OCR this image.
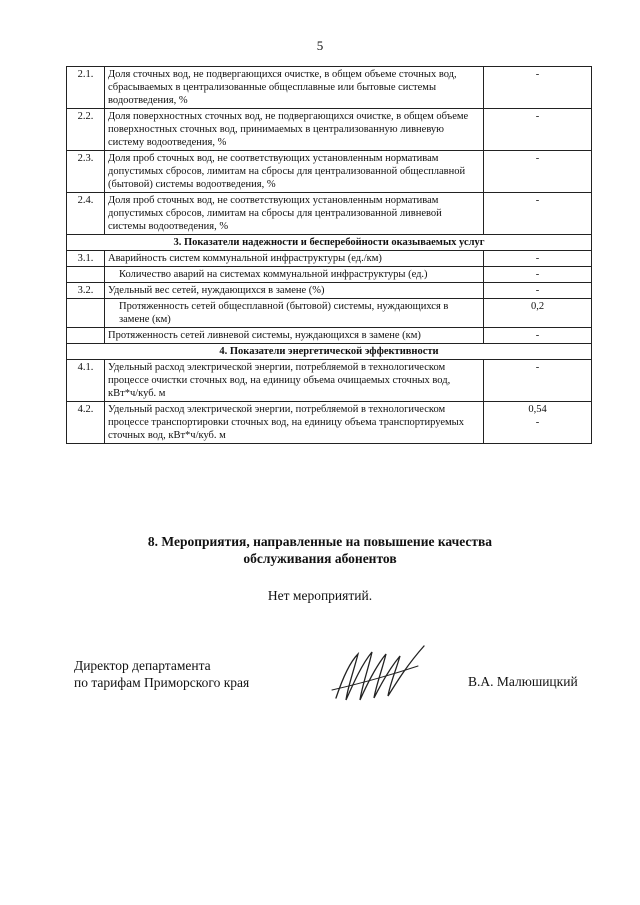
5
2.1.	Доля сточных вод, не подвергающихся очистке, в общем объеме сточных вод, сбрасываемых в централизованные общесплавные или бытовые системы водоотведения, %	-

2.2.	Доля поверхностных сточных вод, не подвергающихся очистке, в общем объеме поверхностных сточных вод, принимаемых в централизованную ливневую систему водоотведения, %	-

2.3.	Доля проб сточных вод, не соответствующих установленным нормативам допустимых сбросов, лимитам на сбросы для централизованной общесплавной (бытовой) системы водоотведения, %	-

2.4.	Доля проб сточных вод, не соответствующих установленным нормативам допустимых сбросов, лимитам на сбросы для централизованной ливневой системы водоотведения, %	-

3. Показатели надежности и бесперебойности оказываемых услуг		
3.1.	Аварийность систем коммунальной инфраструктуры (ед./км)	-

	Количество аварий на системах коммунальной инфраструктуры (ед.)	-

3.2.	Удельный вес сетей, нуждающихся в замене (%)	-

	Протяженность сетей общесплавной (бытовой) системы, нуждающихся в замене (км)	0,2

	Протяженность сетей ливневой системы, нуждающихся в замене (км)	-

4. Показатели энергетической эффективности		
4.1.	Удельный расход электрической энергии, потребляемой в технологическом процессе очистки сточных вод, на единицу объема очищаемых сточных вод, кВт*ч/куб. м	-

4.2.	Удельный расход электрической энергии, потребляемой в технологическом процессе транспортировки сточных вод, на единицу объема транспортируемых сточных вод, кВт*ч/куб. м	0,54
-
8. Мероприятия, направленные на повышение качества
обслуживания абонентов
Нет мероприятий.
Директор департамента
по тарифам Приморского края	В.А. Малюшицкий
